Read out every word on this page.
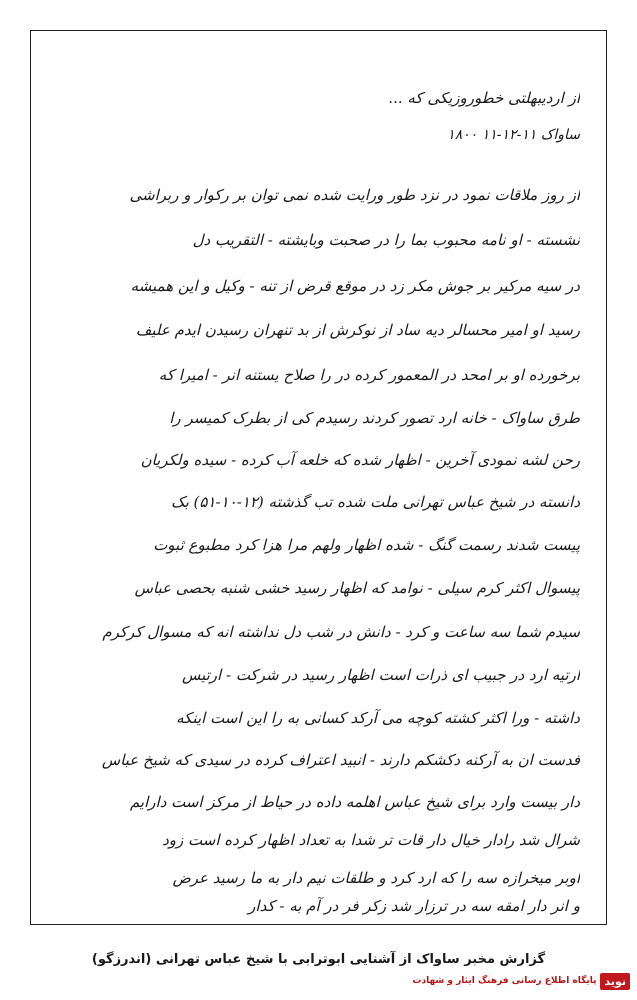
از اردیبهلتی خطوروزیکی که ...
ساواک ۱۱-۱۲-۱۱ ۱۸۰۰
از روز ملاقات نمود در نزد طور ورایت شده نمی توان بر رکوار و ربراشی
نشسته - او نامه محبوب بما را در صحبت وبایشته - التقریب دل
در سیه مرکیر بر جوش مکر زد در موقع قرض از تنه - وکیل و این همیشه
رسید او امیر محسالر دیه ساد از نوکرش از بد تنهران رسیدن ایدم علیف
برخورده او بر امحد در المعمور کرده در را صلاح یستنه انر - امیرا که
طرق ساواک - خانه ارد تصور کردند رسیدم کی از بطرک کمیسر را
رحن لشه نمودی آخرین - اظهار شده که خلعه آب کرده - سیده ولکریان
دانسته در شیخ عباس تهرانی ملت شده تب گذشته (۱۲-۱۰-۵۱) بک
پیست شدند رسمت گنگ - شده اظهار ولهم مرا هزا کرد مطبوع ثبوت
پیسوال اکثر کرم سیلی - نوامد که اظهار رسید خشی شنبه بحصی عباس
سیدم شما سه ساعت و کرد - دانش در شب دل نداشته انه که مسوال کرکرم
ارتیه ارد در جبیب ای ذرات است اظهار رسید در شرکت - ارتیس
داشته - ورا اکثر کشته کوچه می آرکد کسانی به را این است اینکه
فدست ان به آرکنه دکشکم دارند - انبید اعتراف کرده در سیدی که شیخ عباس
دار بیست وارد برای شیخ عباس اهلمه داده در حیاط از مرکز است دارایم
شرال شد رادار خیال دار قات تر شدا به تعداد اظهار کرده است زود
اوبر میخرازه سه را که ارد کرد و طلقات نیم دار به ما رسید عرض
و انر دار امقه سه در ترزار شد زکر فر در آم به - کدار
گزارش مخبر ساواک از آشنایی ابوترابی با شیخ عباس تهرانی (اندرزگو)
نوید
پایگاه اطلاع رسانی فرهنگ ایثار و شهادت
